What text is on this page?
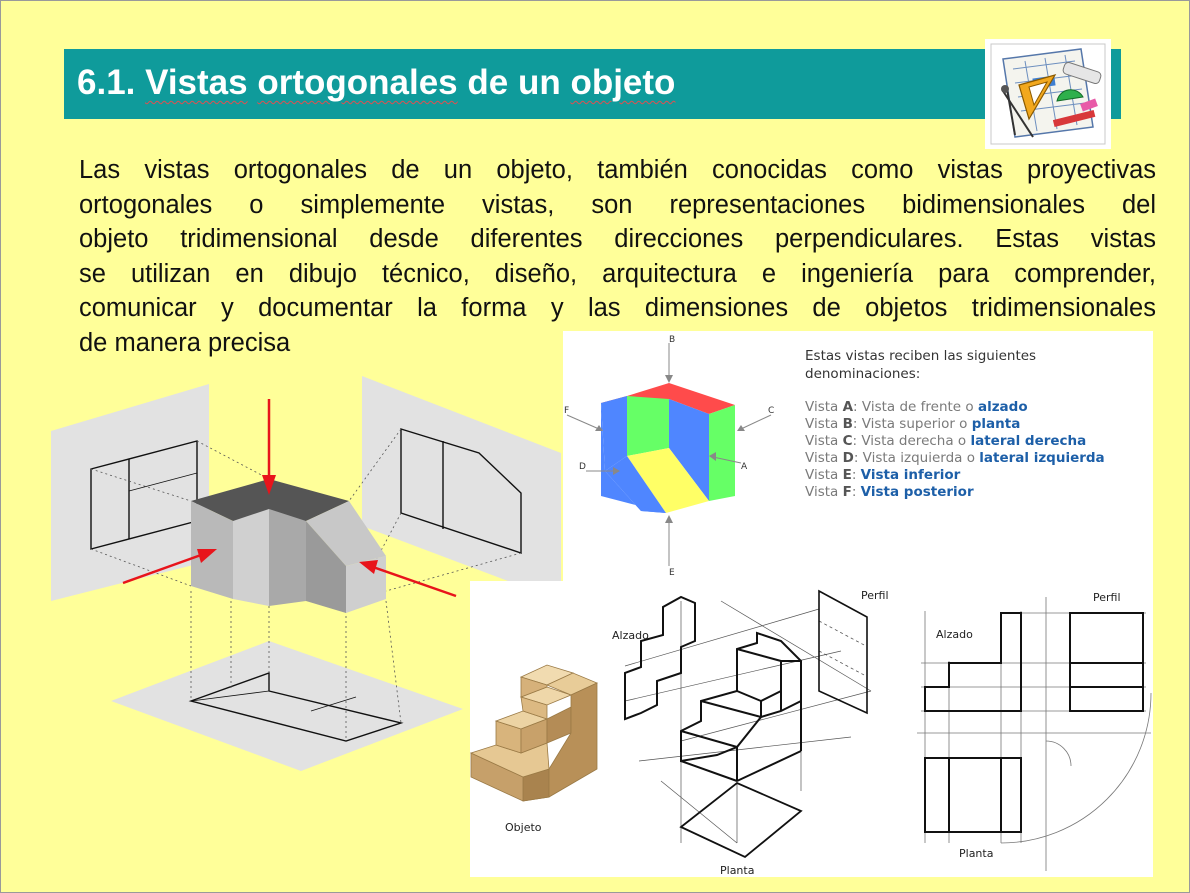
6.1. Vistas ortogonales de un objeto
Las vistas ortogonales de un objeto, también conocidas como vistas proyectivas
ortogonales o simplemente vistas, son representaciones bidimensionales del
objeto tridimensional desde diferentes direcciones perpendiculares. Estas vistas
se utilizan en dibujo técnico, diseño, arquitectura e ingeniería para comprender,
comunicar y documentar la forma y las dimensiones de objetos tridimensionales
de manera precisa	B
F	C
D	A
E
Estas vistas reciben las siguientes
denominaciones:
Vista A: Vista de frente o alzado
Vista B: Vista superior o planta
Vista C: Vista derecha o lateral derecha
Vista D: Vista izquierda o lateral izquierda
Vista E: Vista inferior
Vista F: Vista posterior
Objeto
Alzado
Perfil
Planta
Alzado
Perfil
Planta
